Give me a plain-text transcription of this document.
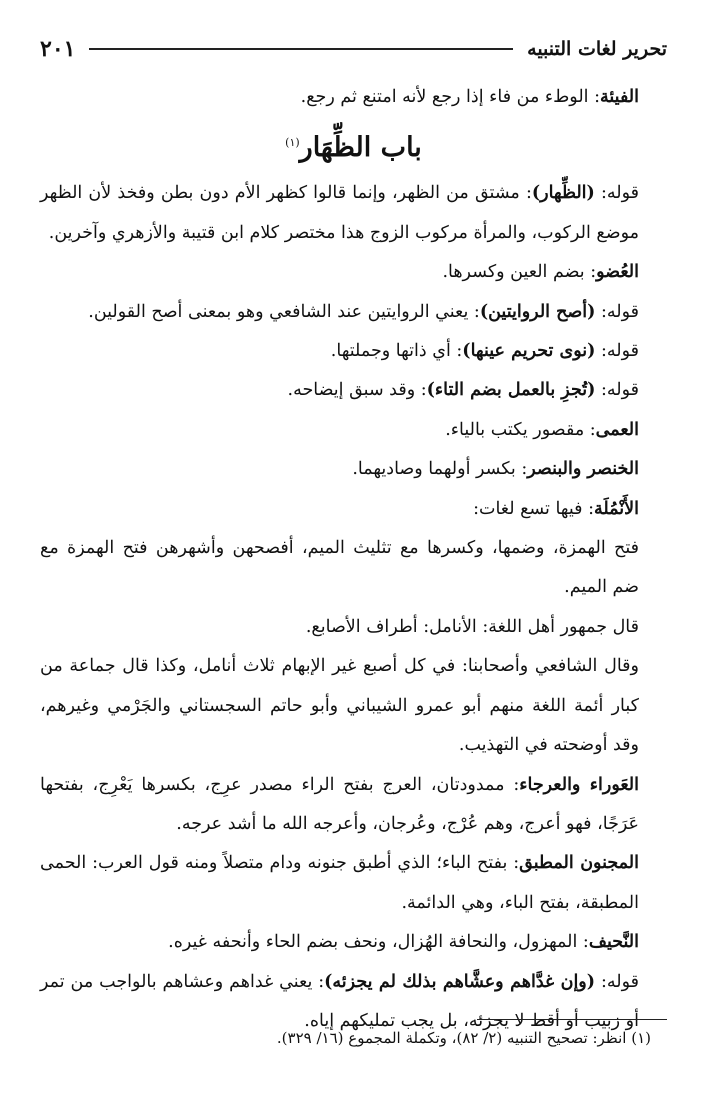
تحرير لغات التنبيه
٢٠١

الفيئة: الوطء من فاء إذا رجع لأنه امتنع ثم رجع.

باب الظِّهَار$^{(١)}$

قوله: (الظِّهار): مشتق من الظهر، وإنما قالوا كظهر الأم دون بطن وفخذ لأن الظهر موضع الركوب، والمرأة مركوب الزوج هذا مختصر كلام ابن قتيبة والأزهري وآخرين.

العُضو: بضم العين وكسرها.

قوله: (أصح الروايتين): يعني الروايتين عند الشافعي وهو بمعنى أصح القولين.

قوله: (نوى تحريم عينها): أي ذاتها وجملتها.

قوله: (تُجزِ بالعمل بضم التاء): وقد سبق إيضاحه.

العمى: مقصور يكتب بالياء.

الخنصر والبنصر: بكسر أولهما وصاديهما.

الأَنْمُلَة: فيها تسع لغات:

فتح الهمزة، وضمها، وكسرها مع تثليث الميم، أفصحهن وأشهرهن فتح الهمزة مع ضم الميم.

قال جمهور أهل اللغة: الأنامل: أطراف الأصابع.

وقال الشافعي وأصحابنا: في كل أصبع غير الإبهام ثلاث أنامل، وكذا قال جماعة من كبار أئمة اللغة منهم أبو عمرو الشيباني وأبو حاتم السجستاني والجَرْمي وغيرهم، وقد أوضحته في التهذيب.

العَوراء والعرجاء: ممدودتان، العرج بفتح الراء مصدر عرِج، بكسرها يَعْرِج، بفتحها عَرَجًا، فهو أعرج، وهم عُرْج، وعُرجان، وأعرجه الله ما أشد عرجه.

المجنون المطبق: بفتح الباء؛ الذي أطبق جنونه ودام متصلاً ومنه قول العرب: الحمى المطبقة، بفتح الباء، وهي الدائمة.

النَّحيف: المهزول، والنحافة الهُزال، ونحف بضم الحاء وأنحفه غيره.

قوله: (وإن غدَّاهم وعشَّاهم بذلك لم يجزئه): يعني غداهم وعشاهم بالواجب من تمر أو زبيب أو أقط لا يجزئه، بل يجب تمليكهم إياه.

(١) انظر: تصحيح التنبيه (٢/ ٨٢)، وتكملة المجموع (١٦/ ٣٢٩).
